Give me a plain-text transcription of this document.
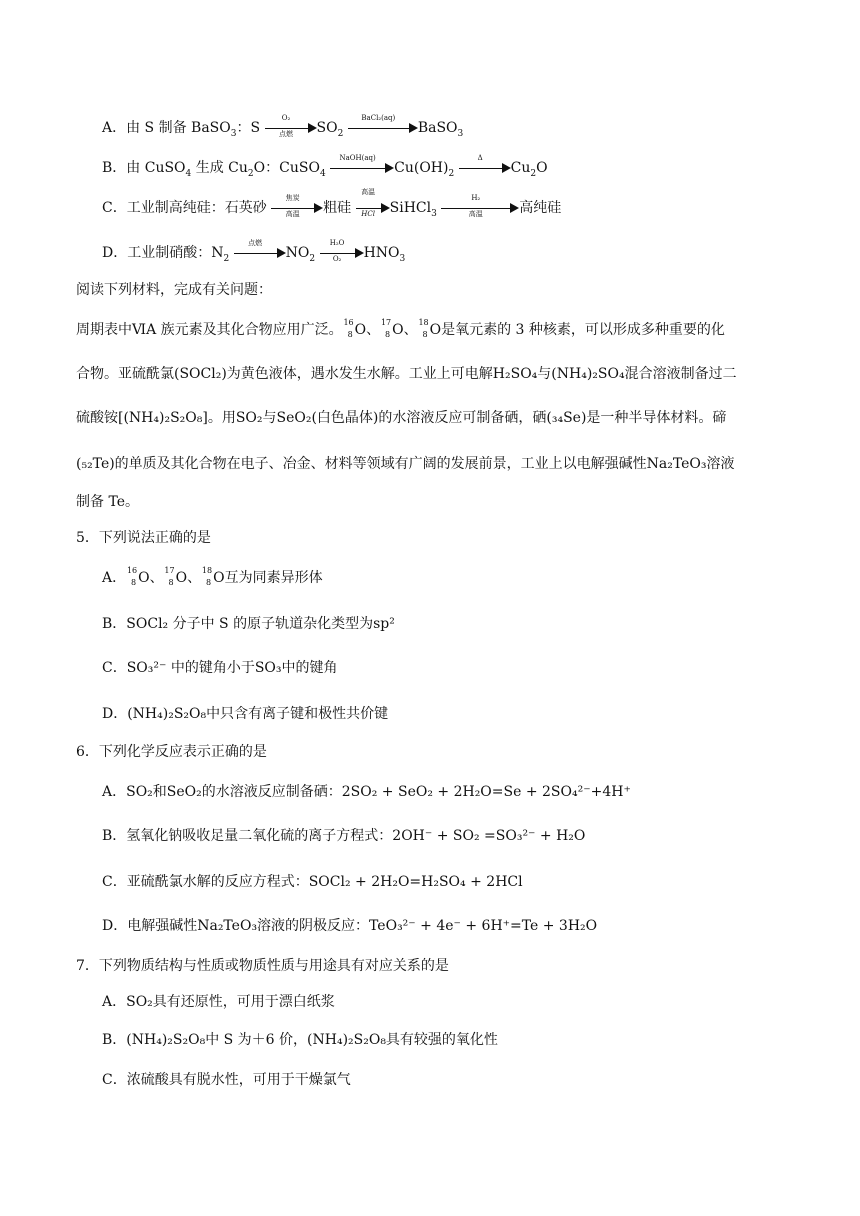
A．由 S 制备 BaSO$_3$：S
O₂
点燃	$SO_2$
BaCl₂(aq)
BaSO$_3$
B．由 CuSO$_4$ 生成 $Cu_2O$：CuSO$_4$
NaOH(aq)
$Cu(OH)_2$
Δ
$Cu_2O$
C．工业制高纯硅：石英砂
焦炭
高温	粗硅
高温
HCl	SiHCl$_3$
H₂
高温	高纯硅
D．工业制硝酸：$N_2$
点燃
$NO_2 \frac{\text{H₂O}}{\text{O₂}} HNO_3$
阅读下列材料，完成有关问题：
周期表中ⅥA 族元素及其化合物应用广泛。 16
8 O、 17
8 O、 18
8 O是氧元素的 3 种核素，可以形成多种重要的化
合物。亚硫酰氯(SOCl₂)为黄色液体，遇水发生水解。工业上可电解H₂SO₄与(NH₄)₂SO₄混合溶液制备过二
硫酸铵[(NH₄)₂S₂O₈]。用SO₂与SeO₂(白色晶体)的水溶液反应可制备硒，硒(₃₄Se)是一种半导体材料。碲
(₅₂Te)的单质及其化合物在电子、冶金、材料等领域有广阔的发展前景，工业上以电解强碱性Na₂TeO₃溶液
制备 Te。
5．下列说法正确的是
A． 16
8 O、 17
8 O、 18
8 O互为同素异形体
B．SOCl₂ 分子中 S 的原子轨道杂化类型为sp²
C．SO₃²⁻ 中的键角小于SO₃中的键角
D．(NH₄)₂S₂O₈中只含有离子键和极性共价键
6．下列化学反应表示正确的是
A．SO₂和SeO₂的水溶液反应制备硒：2SO₂ + SeO₂ + 2H₂O=Se + 2SO₄²⁻+4H⁺
B．氢氧化钠吸收足量二氧化硫的离子方程式：2OH⁻ + SO₂ =SO₃²⁻ + H₂O
C．亚硫酰氯水解的反应方程式：SOCl₂ + 2H₂O=H₂SO₄ + 2HCl
D．电解强碱性Na₂TeO₃溶液的阴极反应：TeO₃²⁻ + 4e⁻ + 6H⁺=Te + 3H₂O
7．下列物质结构与性质或物质性质与用途具有对应关系的是
A．SO₂具有还原性，可用于漂白纸浆
B．(NH₄)₂S₂O₈中 S 为＋6 价，(NH₄)₂S₂O₈具有较强的氧化性
C．浓硫酸具有脱水性，可用于干燥氯气
